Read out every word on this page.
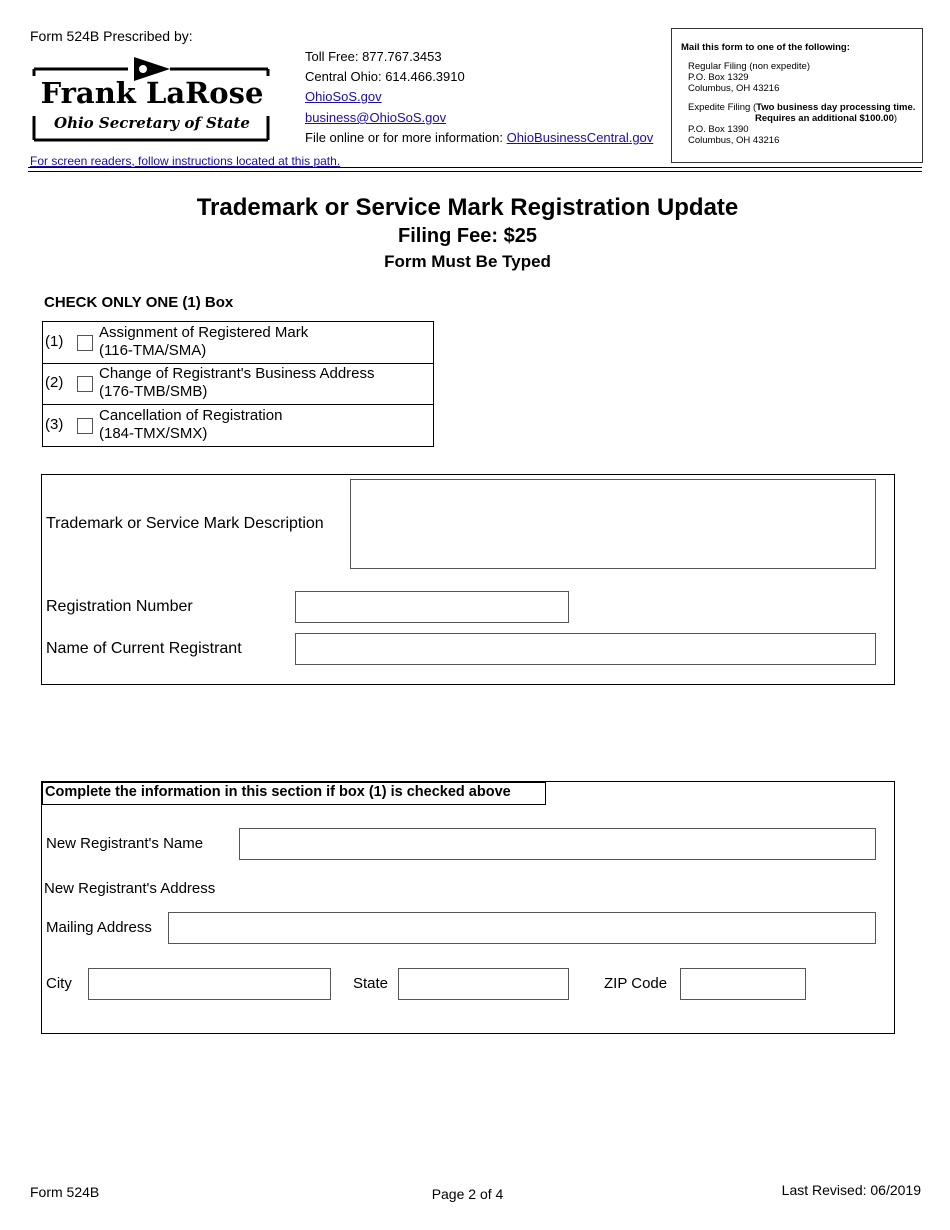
Form 524B Prescribed by:
Frank LaRose
Ohio Secretary of State
Toll Free: 877.767.3453
Central Ohio: 614.466.3910
OhioSoS.gov
business@OhioSoS.gov
File online or for more information: OhioBusinessCentral.gov
For screen readers, follow instructions located at this path.
Mail this form to one of the following:
Regular Filing (non expedite)
P.O. Box 1329
Columbus, OH 43216
Expedite Filing (Two business day processing time.
Requires an additional $100.00)
P.O. Box 1390
Columbus, OH 43216
Trademark or Service Mark Registration Update
Filing Fee: $25
Form Must Be Typed
CHECK ONLY ONE (1) Box
(1)
Assignment of Registered Mark
(116-TMA/SMA)
(2)
Change of Registrant's Business Address
(176-TMB/SMB)
(3)
Cancellation of Registration
(184-TMX/SMX)
Trademark or Service Mark Description
Registration Number
Name of Current Registrant
Complete the information in this section if box (1) is checked above
New Registrant's Name
New Registrant's Address
Mailing Address
City	State	ZIP Code
Form 524B	Page 2 of 4	Last Revised: 06/2019
